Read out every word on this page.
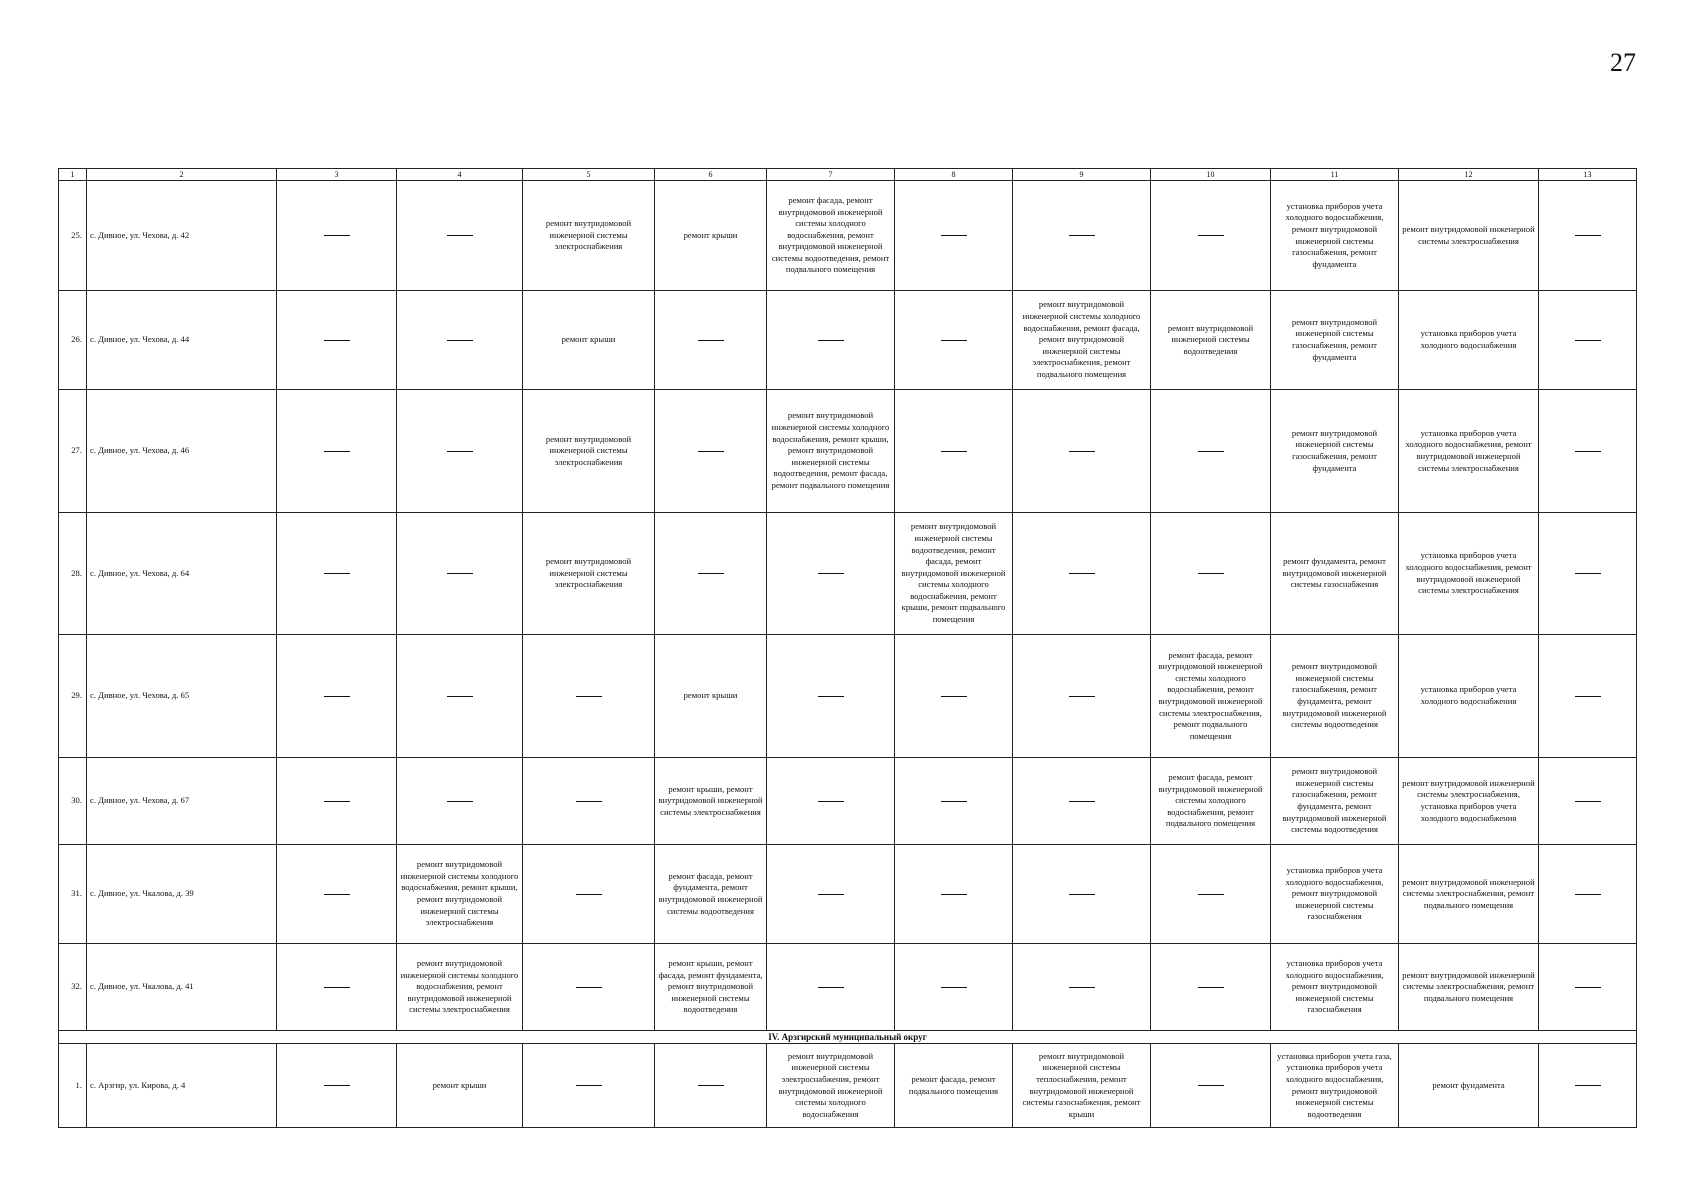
27
1	2	3	4	5	6	7	8	9	10	11	12	13
25.	с. Дивное, ул. Чехова, д. 42			ремонт внутридомовой инженерной системы электроснабжения	ремонт крыши	ремонт фасада, ремонт внутридомовой инженерной системы холодного водоснабжения, ремонт внутридомовой инженерной системы водоотведения, ремонт подвального помещения				установка приборов учета холодного водоснабжения, ремонт внутридомовой инженерной системы газоснабжения, ремонт фундамента	ремонт внутридомовой инженерной системы электроснабжения	
26.	с. Дивное, ул. Чехова, д. 44			ремонт крыши				ремонт внутридомовой инженерной системы холодного водоснабжения, ремонт фасада, ремонт внутридомовой инженерной системы электроснабжения, ремонт подвального помещения	ремонт внутридомовой инженерной системы водоотведения	ремонт внутридомовой инженерной системы газоснабжения, ремонт фундамента	установка приборов учета холодного водоснабжения	
27.	с. Дивное, ул. Чехова, д. 46			ремонт внутридомовой инженерной системы электроснабжения		ремонт внутридомовой инженерной системы холодного водоснабжения, ремонт крыши, ремонт внутридомовой инженерной системы водоотведения, ремонт фасада, ремонт подвального помещения				ремонт внутридомовой инженерной системы газоснабжения, ремонт фундамента	установка приборов учета холодного водоснабжения, ремонт внутридомовой инженерной системы электроснабжения	
28.	с. Дивное, ул. Чехова, д. 64			ремонт внутридомовой инженерной системы электроснабжения			ремонт внутридомовой инженерной системы водоотведения, ремонт фасада, ремонт внутридомовой инженерной системы холодного водоснабжения, ремонт крыши, ремонт подвального помещения			ремонт фундамента, ремонт внутридомовой инженерной системы газоснабжения	установка приборов учета холодного водоснабжения, ремонт внутридомовой инженерной системы электроснабжения	
29.	с. Дивное, ул. Чехова, д. 65				ремонт крыши				ремонт фасада, ремонт внутридомовой инженерной системы холодного водоснабжения, ремонт внутридомовой инженерной системы электроснабжения, ремонт подвального помещения	ремонт внутридомовой инженерной системы газоснабжения, ремонт фундамента, ремонт внутридомовой инженерной системы водоотведения	установка приборов учета холодного водоснабжения	
30.	с. Дивное, ул. Чехова, д. 67				ремонт крыши, ремонт внутридомовой инженерной системы электроснабжения				ремонт фасада, ремонт внутридомовой инженерной системы холодного водоснабжения, ремонт подвального помещения	ремонт внутридомовой инженерной системы газоснабжения, ремонт фундамента, ремонт внутридомовой инженерной системы водоотведения	ремонт внутридомовой инженерной системы электроснабжения, установка приборов учета холодного водоснабжения	
31.	с. Дивное, ул. Чкалова, д. 39		ремонт внутридомовой инженерной системы холодного водоснабжения, ремонт крыши, ремонт внутридомовой инженерной системы электроснабжения		ремонт фасада, ремонт фундамента, ремонт внутридомовой инженерной системы водоотведения					установка приборов учета холодного водоснабжения, ремонт внутридомовой инженерной системы газоснабжения	ремонт внутридомовой инженерной системы электроснабжения, ремонт подвального помещения	
32.	с. Дивное, ул. Чкалова, д. 41		ремонт внутридомовой инженерной системы холодного водоснабжения, ремонт внутридомовой инженерной системы электроснабжения		ремонт крыши, ремонт фасада, ремонт фундамента, ремонт внутридомовой инженерной системы водоотведения					установка приборов учета холодного водоснабжения, ремонт внутридомовой инженерной системы газоснабжения	ремонт внутридомовой инженерной системы электроснабжения, ремонт подвального помещения	
IV. Арзгирский муниципальный округ												
1.	с. Арзгир, ул. Кирова, д. 4		ремонт крыши			ремонт внутридомовой инженерной системы электроснабжения, ремонт внутридомовой инженерной системы холодного водоснабжения	ремонт фасада, ремонт подвального помещения	ремонт внутридомовой инженерной системы теплоснабжения, ремонт внутридомовой инженерной системы газоснабжения, ремонт крыши		установка приборов учета газа, установка приборов учета холодного водоснабжения, ремонт внутридомовой инженерной системы водоотведения	ремонт фундамента	
